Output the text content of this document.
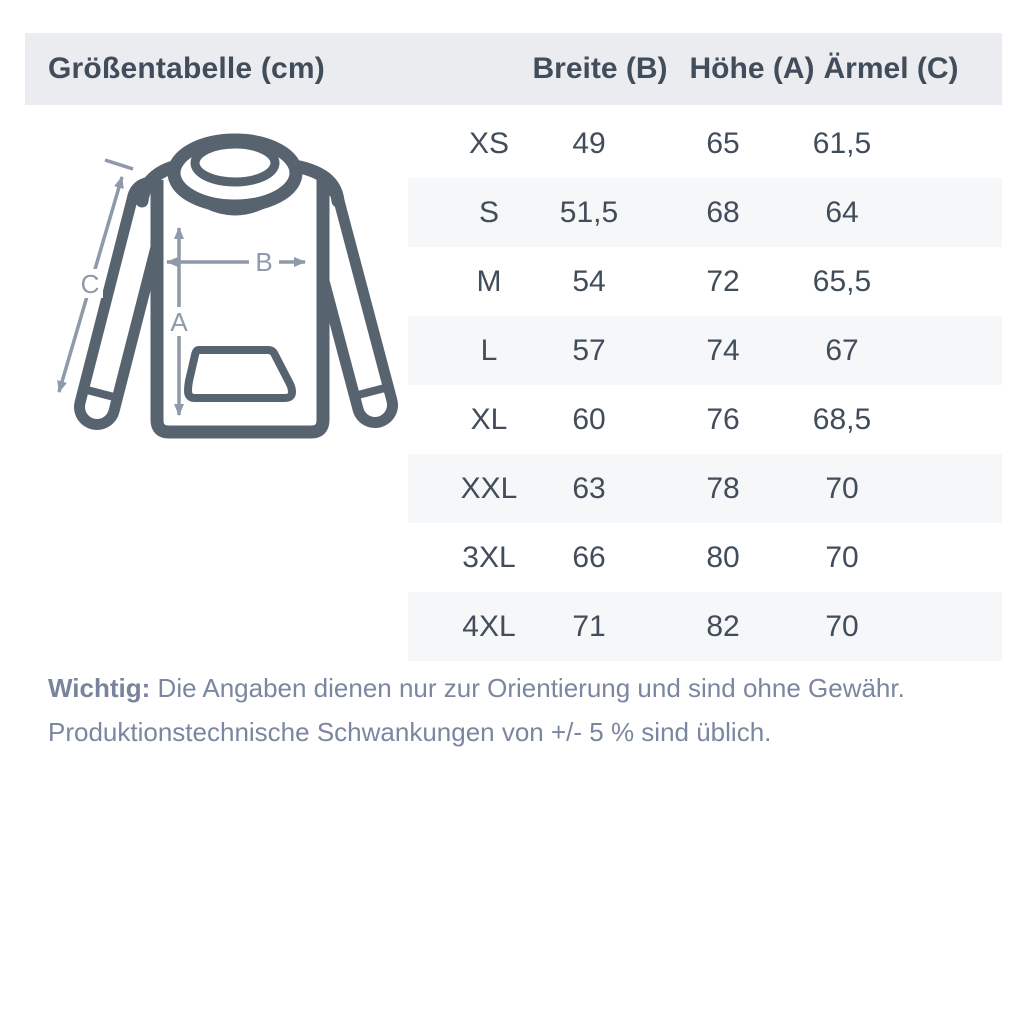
Größentabelle (cm)	Breite (B) Höhe (A) Ärmel (C)
A
B
C
XS 49	65 61,5
S 51,5	68	64
M 54	72 65,5
L 57	74	67
XL 60	76 68,5
XXL 63	78	70
3XL 66	80	70
4XL 71	82	70

Wichtig: Die Angaben dienen nur zur Orientierung und sind ohne Gewähr.

Produktionstechnische Schwankungen von +/- 5 % sind üblich.
